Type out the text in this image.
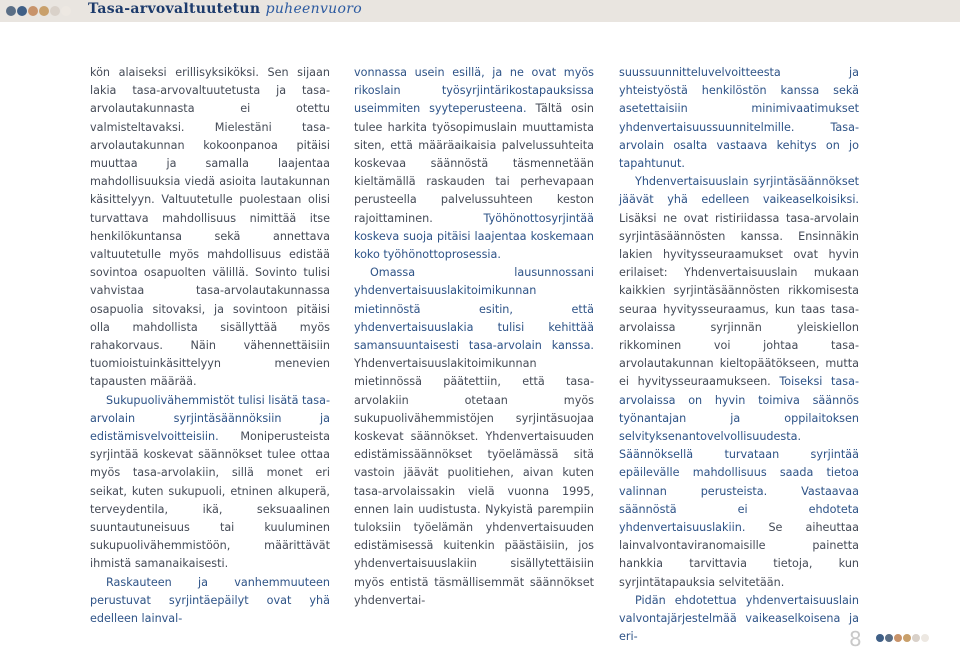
Tasa-arvovaltuutetun puheenvuoro

kön alaiseksi erillisyksiköksi. Sen sijaan lakia tasa-arvovaltuutetusta ja tasa-arvolautakunnasta ei otettu valmisteltavaksi. Mielestäni tasa-arvolautakunnan kokoonpanoa pitäisi muuttaa ja samalla laajentaa mahdollisuuksia viedä asioita lautakunnan käsittelyyn. Valtuutetulle puolestaan olisi turvattava mahdollisuus nimittää itse henkilökuntansa sekä annettava valtuutetulle myös mahdollisuus edistää sovintoa osapuolten välillä. Sovinto tulisi vahvistaa tasa-arvolautakunnassa osapuolia sitovaksi, ja sovintoon pitäisi olla mahdollista sisällyttää myös rahakorvaus. Näin vähennettäisiin tuomioistuinkäsittelyyn menevien tapausten määrää.

Sukupuolivähemmistöt tulisi lisätä tasa-arvolain syrjintäsäännöksiin ja edistämisvelvoitteisiin. Moniperusteista syrjintää koskevat säännökset tulee ottaa myös tasa-arvolakiin, sillä monet eri seikat, kuten sukupuoli, etninen alkuperä, terveydentila, ikä, seksuaalinen suuntautuneisuus tai kuuluminen sukupuolivähemmistöön, määrittävät ihmistä samanaikaisesti.

Raskauteen ja vanhemmuuteen perustuvat syrjintäepäilyt ovat yhä edelleen lainval-

vonnassa usein esillä, ja ne ovat myös rikoslain työsyrjintärikostapauksissa useimmiten syyteperusteena. Tältä osin tulee harkita työsopimuslain muuttamista siten, että määräaikaisia palvelussuhteita koskevaa säännöstä täsmennetään kieltämällä raskauden tai perhevapaan perusteella palvelussuhteen keston rajoittaminen.	Työhönottosyrjintää koskeva suoja pitäisi laajentaa koskemaan koko työhönottoprosessia.

Omassa lausunnossani yhdenvertaisuuslakitoimikunnan mietinnöstä esitin, että yhdenvertaisuuslakia tulisi kehittää samansuuntaisesti tasa-arvolain kanssa. Yhdenvertaisuuslakitoimikunnan mietinnössä päätettiin, että tasa-arvolakiin otetaan myös sukupuolivähemmistöjen syrjintäsuojaa koskevat säännökset. Yhdenvertaisuuden edistämissäännökset työelämässä sitä vastoin jäävät puolitiehen, aivan kuten tasa-arvolaissakin vielä vuonna 1995, ennen lain uudistusta. Nykyistä parempiin tuloksiin työelämän yhdenvertaisuuden edistämisessä kuitenkin päästäisiin, jos yhdenvertaisuuslakiin sisällytettäisiin myös entistä täsmällisemmät säännökset yhdenvertai-

suussuunnitteluvelvoitteesta ja yhteistyöstä henkilöstön kanssa sekä asetettaisiin minimivaatimukset yhdenvertaisuussuunnitelmille. Tasa-arvolain osalta vastaava kehitys on jo tapahtunut.

Yhdenvertaisuuslain syrjintäsäännökset jäävät yhä edelleen vaikeaselkoisiksi. Lisäksi ne ovat ristiriidassa tasa-arvolain syrjintäsäännösten kanssa. Ensinnäkin lakien hyvitysseuraamukset ovat hyvin erilaiset: Yhdenvertaisuuslain mukaan kaikkien syrjintäsäännösten rikkomisesta seuraa hyvitysseuraamus, kun taas tasa-arvolaissa syrjinnän yleiskiellon rikkominen voi johtaa tasa-arvolautakunnan kieltopäätökseen, mutta ei hyvitysseuraamukseen. Toiseksi tasa-arvolaissa on hyvin toimiva säännös työnantajan ja oppilaitoksen selvityksenantovelvollisuudesta. Säännöksellä turvataan syrjintää epäilevälle mahdollisuus saada tietoa valinnan perusteista. Vastaavaa säännöstä ei ehdoteta yhdenvertaisuuslakiin. Se aiheuttaa lainvalvontaviranomaisille painetta hankkia tarvittavia tietoja, kun syrjintätapauksia selvitetään.

Pidän ehdotettua yhdenvertaisuuslain valvontajärjestelmää vaikeaselkoisena ja eri-	8
